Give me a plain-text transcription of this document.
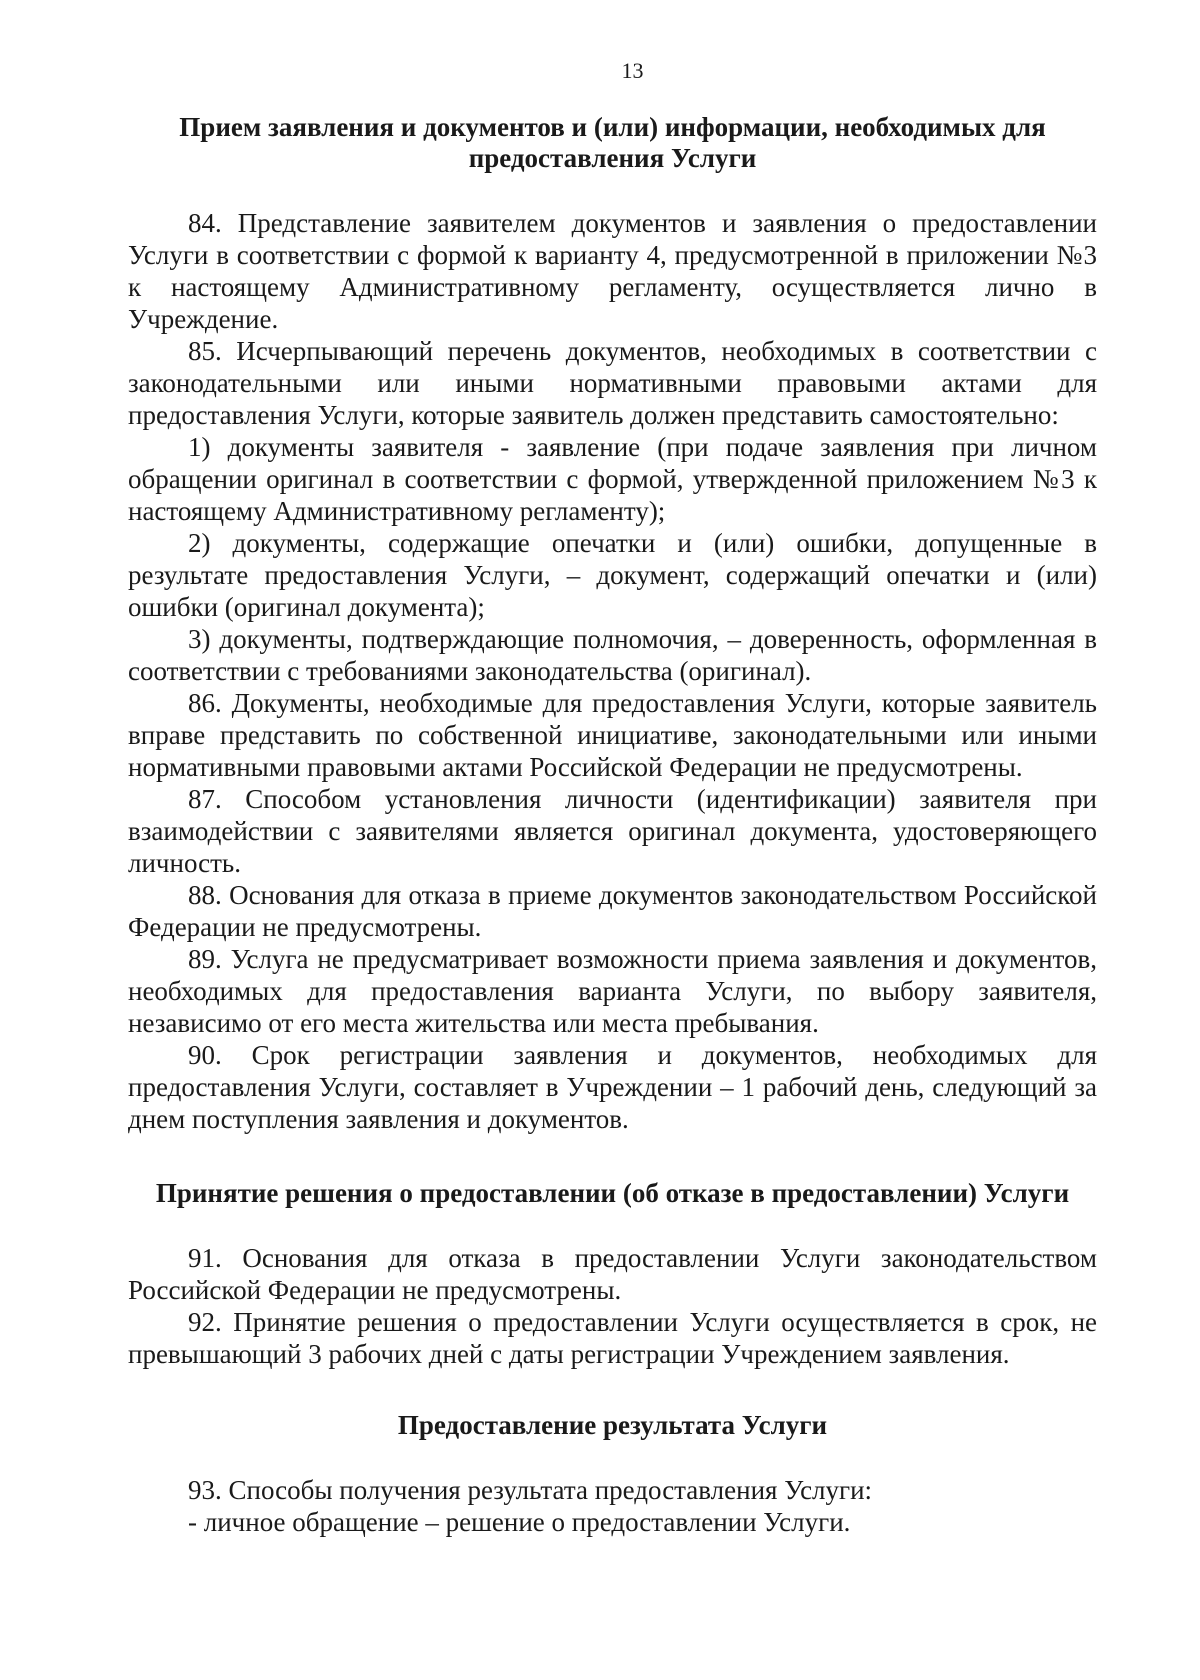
13
Прием заявления и документов и (или) информации, необходимых для предоставления Услуги

84. Представление заявителем документов и заявления о предоставлении Услуги в соответствии с формой к варианту 4, предусмотренной в приложении №3 к настоящему Административному регламенту, осуществляется лично в Учреждение.

85. Исчерпывающий перечень документов, необходимых в соответствии с законодательными или иными нормативными правовыми актами для предоставления Услуги, которые заявитель должен представить самостоятельно:

1) документы заявителя - заявление (при подаче заявления при личном обращении оригинал в соответствии с формой, утвержденной приложением №3 к настоящему Административному регламенту);

2) документы, содержащие опечатки и (или) ошибки, допущенные в результате предоставления Услуги, – документ, содержащий опечатки и (или) ошибки (оригинал документа);

3) документы, подтверждающие полномочия, – доверенность, оформленная в соответствии с требованиями законодательства (оригинал).

86. Документы, необходимые для предоставления Услуги, которые заявитель вправе представить по собственной инициативе, законодательными или иными нормативными правовыми актами Российской Федерации не предусмотрены.

87. Способом установления личности (идентификации) заявителя при взаимодействии с заявителями является оригинал документа, удостоверяющего личность.

88. Основания для отказа в приеме документов законодательством Российской Федерации не предусмотрены.

89. Услуга не предусматривает возможности приема заявления и документов, необходимых для предоставления варианта Услуги, по выбору заявителя, независимо от его места жительства или места пребывания.

90. Срок регистрации заявления и документов, необходимых для предоставления Услуги, составляет в Учреждении – 1 рабочий день, следующий за днем поступления заявления и документов.

Принятие решения о предоставлении (об отказе в предоставлении) Услуги

91. Основания для отказа в предоставлении Услуги законодательством Российской Федерации не предусмотрены.

92. Принятие решения о предоставлении Услуги осуществляется в срок, не превышающий 3 рабочих дней с даты регистрации Учреждением заявления.

Предоставление результата Услуги

93. Способы получения результата предоставления Услуги:

- личное обращение – решение о предоставлении Услуги.
